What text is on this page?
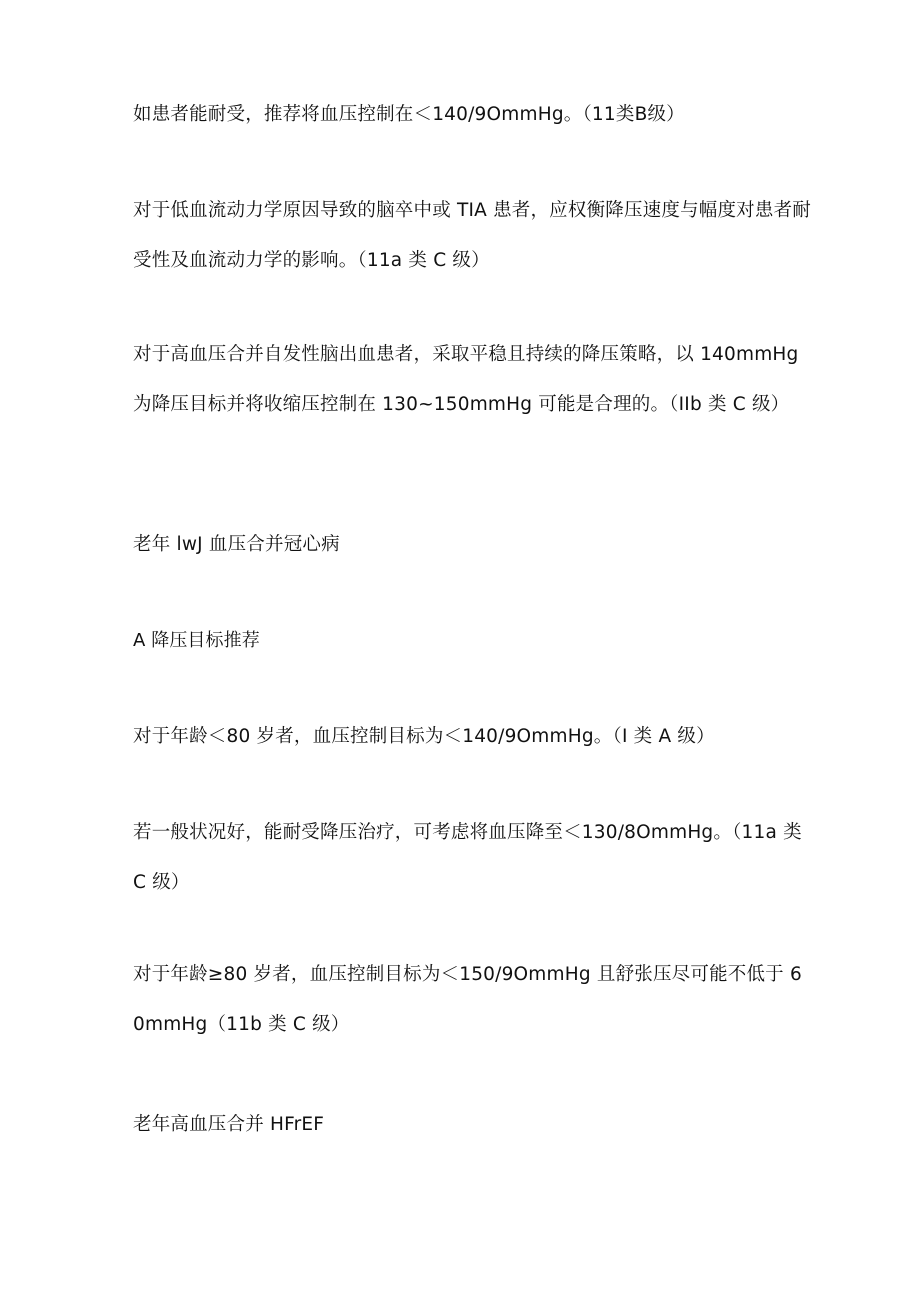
如患者能耐受，推荐将血压控制在＜140/9OmmHg。（11类B级）

对于低血流动力学原因导致的脑卒中或 TIA 患者，应权衡降压速度与幅度对患者耐受性及血流动力学的影响。（11a 类 C 级）

对于高血压合并自发性脑出血患者，采取平稳且持续的降压策略，以 140mmHg 为降压目标并将收缩压控制在 130~150mmHg 可能是合理的。（IIb 类 C 级）

老年 lwJ 血压合并冠心病

A 降压目标推荐

对于年龄＜80 岁者，血压控制目标为＜140/9OmmHg。（I 类 A 级）

若一般状况好，能耐受降压治疗，可考虑将血压降至＜130/8OmmHg。（11a 类 C 级）

对于年龄≥80 岁者，血压控制目标为＜150/9OmmHg 且舒张压尽可能不低于 60mmHg（11b 类 C 级）

老年高血压合并 HFrEF
